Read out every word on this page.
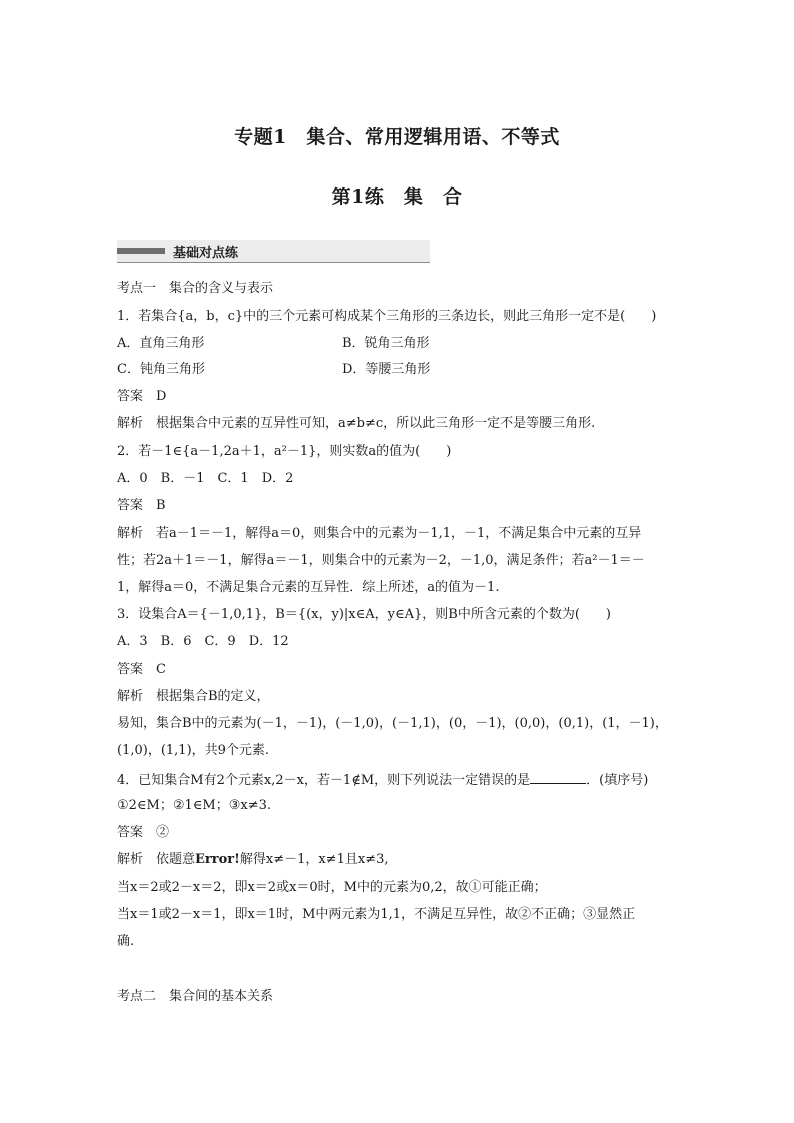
专题1　集合、常用逻辑用语、不等式
第1练　集　合
基础对点练
考点一　集合的含义与表示
1．若集合{a，b，c}中的三个元素可构成某个三角形的三条边长，则此三角形一定不是(　　)
A．直角三角形	B．锐角三角形
C．钝角三角形	D．等腰三角形
答案　D
解析　根据集合中元素的互异性可知，a≠b≠c，所以此三角形一定不是等腰三角形.
2．若－1∈{a－1,2a＋1，a²－1}，则实数a的值为(　　)
A．0　B．－1　C．1　D．2
答案　B
解析　若a－1＝－1，解得a＝0，则集合中的元素为－1,1，－1，不满足集合中元素的互异
性；若2a＋1＝－1，解得a＝－1，则集合中的元素为－2，－1,0，满足条件；若a²－1＝－
1，解得a＝0，不满足集合元素的互异性．综上所述，a的值为－1.
3．设集合A＝{－1,0,1}，B＝{(x，y)|x∈A，y∈A}，则B中所含元素的个数为(　　)
A．3　B．6　C．9　D．12
答案　C
解析　根据集合B的定义，
易知，集合B中的元素为(－1，－1)，(－1,0)，(－1,1)，(0，－1)，(0,0)，(0,1)，(1，－1)，
(1,0)，(1,1)，共9个元素.
4．已知集合M有2个元素x,2－x，若－1∉M，则下列说法一定错误的是	．(填序号)
①2∈M；②1∈M；③x≠3.
答案　②
解析　依题意Error!解得x≠－1，x≠1且x≠3,
当x＝2或2－x＝2，即x＝2或x＝0时，M中的元素为0,2，故①可能正确；
当x＝1或2－x＝1，即x＝1时，M中两元素为1,1，不满足互异性，故②不正确；③显然正
确.
考点二　集合间的基本关系
